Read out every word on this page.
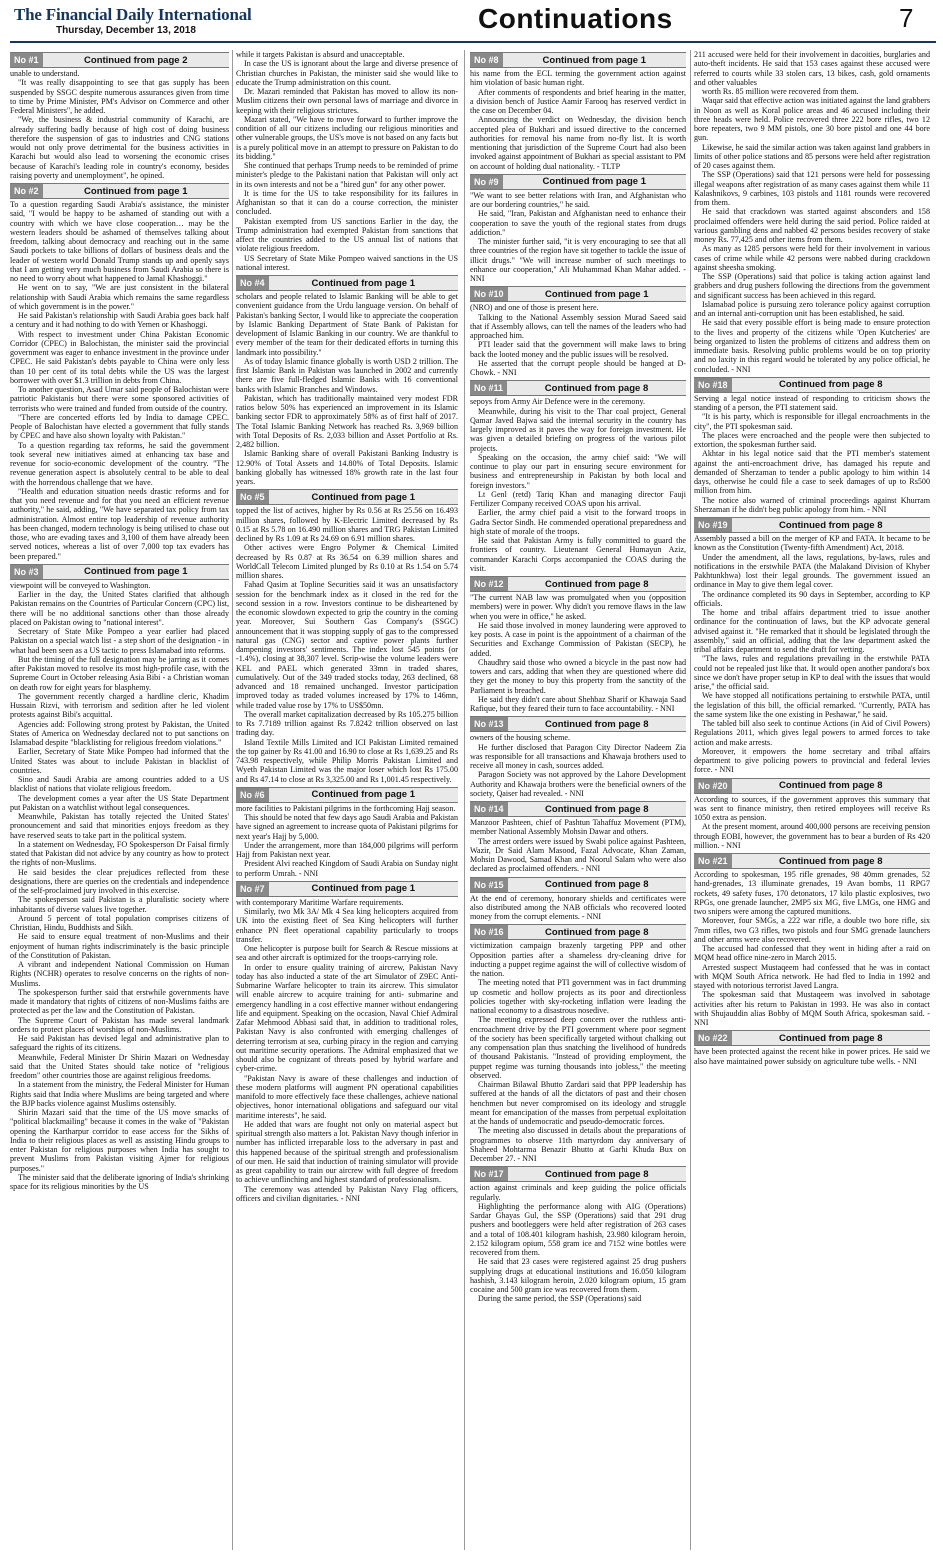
The Financial Daily International
Thursday, December 13, 2018	Continuations	7
No #1	Continued from page 2

unable to understand.

"It was really disappointing to see that gas supply has been suspended by SSGC despite numerous assurances given from time to time by Prime Minister, PM's Advisor on Commerce and other Federal Ministers", he added.

"We, the business & industrial community of Karachi, are already suffering badly because of high cost of doing business therefore the suspension of gas to industries and CNG stations would not only prove detrimental for the business activities in Karachi but would also lead to worsening the economic crises because of Karachi's leading role in country's economy, besides raising poverty and unemployment", he opined.

No #2	Continued from page 1

To a question regarding Saudi Arabia's assistance, the minister said, "I would be happy to be ashamed of standing out with a country with which we have close cooperation… may be the western leaders should be ashamed of themselves talking about freedom, talking about democracy and reaching out in the same Saudi pockets to take billions of dollars of business deals and the leader of western world Donald Trump stands up and openly says that I am getting very much business from Saudi Arabia so there is no need to worry about what happened to Jamal Khashoggi."

He went on to say, "We are just consistent in the bilateral relationship with Saudi Arabia which remains the same regardless of which government is in the power."

He said Pakistan's relationship with Saudi Arabia goes back half a century and it had nothing to do with Yemen or Khashoggi.

With respect to investment under China Pakistan Economic Corridor (CPEC) in Balochistan, the minister said the provincial government was eager to enhance investment in the province under CPEC. He said Pakistan's debts payable to China were only less than 10 per cent of its total debts while the US was the largest borrower with over $1.3 trillion in debts from China.

To another question, Asad Umar said people of Balochistan were patriotic Pakistanis but there were some sponsored activities of terrorists who were trained and funded from outside of the country.

"There are concerted efforts led by India to damage CPEC. People of Balochistan have elected a government that fully stands by CPEC and have also shown loyalty with Pakistan."

To a question regarding tax reforms, he said the government took several new initiatives aimed at enhancing tax base and revenue for socio-economic development of the country. "The revenue generation aspect is absolutely central to be able to deal with the horrendous challenge that we have.

"Health and education situation needs drastic reforms and for that you need revenue and for that you need an efficient revenue authority," he said, adding, "We have separated tax policy from tax administration. Almost entire top leadership of revenue authority has been changed, modern technology is being utilised to chase out those, who are evading taxes and 3,100 of them have already been served notices, whereas a list of over 7,000 top tax evaders has been prepared."

No #3	Continued from page 1

viewpoint will be conveyed to Washington.

Earlier in the day, the United States clarified that although Pakistan remains on the Countries of Particular Concern (CPC) list, there will be no additional sanctions other than those already placed on Pakistan owing to "national interest".

Secretary of State Mike Pompeo a year earlier had placed Pakistan on a special watch list - a step short of the designation - in what had been seen as a US tactic to press Islamabad into reforms.

But the timing of the full designation may be jarring as it comes after Pakistan moved to resolve its most high-profile case, with the Supreme Court in October releasing Asia Bibi - a Christian woman on death row for eight years for blasphemy.

The government recently charged a hardline cleric, Khadim Hussain Rizvi, with terrorism and sedition after he led violent protests against Bibi's acquittal.

Agencies add: Following strong protest by Pakistan, the United States of America on Wednesday declared not to put sanctions on Islamabad despite "blacklisting for religious freedom violations."

Earlier, Secretary of State Mike Pompeo had informed that the United States was about to include Pakistan in blacklist of countries.

Sino and Saudi Arabia are among countries added to a US blacklist of nations that violate religious freedom.

The development comes a year after the US State Department put Pakistan on a watchlist without legal consequences.

Meanwhile, Pakistan has totally rejected the United States' pronouncement and said that minorities enjoys freedom as they have reserved seats to take part in the political system.

In a statement on Wednesday, FO Spokesperson Dr Faisal firmly stated that Pakistan did not advice by any country as how to protect the rights of non-Muslims.

He said besides the clear prejudices reflected from these designations, there are queries on the credentials and independence of the self-proclaimed jury involved in this exercise.

The spokesperson said Pakistan is a pluralistic society where inhabitants of diverse values live together.

Around 5 percent of total population comprises citizens of Christian, Hindu, Buddhists and Sikh.

He said to ensure equal treatment of non-Muslims and their enjoyment of human rights indiscriminately is the basic principle of the Constitution of Pakistan.

A vibrant and independent National Commission on Human Rights (NCHR) operates to resolve concerns on the rights of non-Muslims.

The spokesperson further said that erstwhile governments have made it mandatory that rights of citizens of non-Muslims faiths are protected as per the law and the Constitution of Pakistan.

The Supreme Court of Pakistan has made several landmark orders to protect places of worships of non-Muslims.

He said Pakistan has devised legal and administrative plan to safeguard the rights of its citizens.

Meanwhile, Federal Minister Dr Shirin Mazari on Wednesday said that the United States should take notice of "religious freedom" other countries those are against religious freedoms.

In a statement from the ministry, the Federal Minister for Human Rights said that India where Muslims are being targeted and where the BJP backs violence against Muslims ostensibly.

Shirin Mazari said that the time of the US move smacks of "political blackmailing" because it comes in the wake of "Pakistan opening the Kartharpur corridor to ease access for the Sikhs of India to their religious places as well as assisting Hindu groups to enter Pakistan for religious purposes when India has sought to prevent Muslims from Pakistan visiting Ajmer for religious purposes."

The minister said that the deliberate ignoring of India's shrinking space for its religious minorities by the US

while it targets Pakistan is absurd and unacceptable.

In case the US is ignorant about the large and diverse presence of Christian churches in Pakistan, the minister said she would like to educate the Trump administration on this count.

Dr. Mazari reminded that Pakistan has moved to allow its non-Muslim citizens their own personal laws of marriage and divorce in keeping with their religious strictures.

Mazari stated, "We have to move forward to further improve the condition of all our citizens including our religious minorities and other vulnerable groups, the US's move is not based on any facts but is a purely political move in an attempt to pressure on Pakistan to do its bidding."

She continued that perhaps Trump needs to be reminded of prime minister's pledge to the Pakistani nation that Pakistan will only act in its own interests and not be a "hired gun" for any other power.

It is time for the US to take responsibility for its failures in Afghanistan so that it can do a course correction, the minister concluded.

Pakistan exempted from US sanctions Earlier in the day, the Trump administration had exempted Pakistan from sanctions that affect the countries added to the US annual list of nations that violate religious freedom.

US Secretary of State Mike Pompeo waived sanctions in the US national interest.

No #4	Continued from page 1

scholars and people related to Islamic Banking will be able to get convenient guidance from the Urdu language version. On behalf of Pakistan's banking Sector, I would like to appreciate the cooperation by Islamic Banking Department of State Bank of Pakistan for development of Islamic Banking in our country. We are thankful to every member of the team for their dedicated efforts in turning this landmark into possibility."

As of today Islamic finance globally is worth USD 2 trillion. The first Islamic Bank in Pakistan was launched in 2002 and currently there are five full-fledged Islamic Banks with 16 conventional banks with Islamic Branches and Windows.

Pakistan, which has traditionally maintained very modest FDR ratios below 50% has experienced an improvement in its Islamic banking sector FDR to approximately 58% as of first half of 2017. The Total Islamic Banking Network has reached Rs. 3,969 billion with Total Deposits of Rs. 2,033 billion and Asset Portfolio at Rs. 2,482 billion.

Islamic Banking share of overall Pakistani Banking Industry is 12.90% of Total Assets and 14.80% of Total Deposits. Islamic banking globally has witnessed 18% growth rate in the last four years.

No #5	Continued from page 1

topped the list of actives, higher by Rs 0.56 at Rs 25.56 on 16.493 million shares, followed by K-Electric Limited decreased by Rs 0.15 at Rs 5.78 on 16.490 million shares and TRG Pakistan Limited declined by Rs 1.09 at Rs 24.69 on 6.91 million shares.

Other actives were Engro Polymer & Chemical Limited decreased by Rs 0.87 at Rs 36.54 on 6.39 million shares and WorldCall Telecom Limited plunged by Rs 0.10 at Rs 1.54 on 5.74 million shares.

Fahad Qasim at Topline Securities said it was an unsatisfactory session for the benchmark index as it closed in the red for the second session in a row. Investors continue to be disheartened by the economic slowdown expected to grip the country in the coming year. Moreover, Sui Southern Gas Company's (SSGC) announcement that it was stopping supply of gas to the compressed natural gas (CNG) sector and captive power plants further dampening investors' sentiments. The index lost 545 points (or -1.4%), closing at 38,307 level. Scrip-wise the volume leaders were KEL and PAEL which generated 33mn in traded shares, cumulatively. Out of the 349 traded stocks today, 263 declined, 68 advanced and 18 remained unchanged. Investor participation improved today as traded volumes increased by 17% to 146mn, while traded value rose by 17% to US$50mn.

The overall market capitalization decreased by Rs 105.275 billion to Rs 7.7189 trillion against Rs 7.8242 trillion observed on last trading day.

Island Textile Mills Limited and ICI Pakistan Limited remained the top gainer by Rs 41.00 and 16.90 to close at Rs 1,639.25 and Rs 743.98 respectively, while Philip Morris Pakistan Limited and Wyeth Pakistan Limited was the major loser which lost Rs 175.00 and Rs 47.14 to close at Rs 3,325.00 and Rs 1,001.45 respectively.

No #6	Continued from page 1

more facilities to Pakistani pilgrims in the forthcoming Hajj season.

This should be noted that few days ago Saudi Arabia and Pakistan have signed an agreement to increase quota of Pakistani pilgrims for next year's Hajj by 5,000.

Under the arrangement, more than 184,000 pilgrims will perform Hajj from Pakistan next year.

President Alvi reached Kingdom of Saudi Arabia on Sunday night to perform Umrah. - NNI

No #7	Continued from page 1

with contemporary Maritime Warfare requirements.

Similarly, two Mk 3A/ Mk 4 Sea king helicopters acquired from UK into the existing fleet of Sea King helicopters will further enhance PN fleet operational capability particularly to troops transfer.

One helicopter is purpose built for Search & Rescue missions at sea and other aircraft is optimized for the troops-carrying role.

In order to ensure quality training of aircrew, Pakistan Navy today has also inducted a state of the art Simulator of Z9EC Anti-Submarine Warfare helicopter to train its aircrew. This simulator will enable aircrew to acquire training for anti- submarine and emergency handling in a cost effective manner without endangering life and equipment. Speaking on the occasion, Naval Chief Admiral Zafar Mehmood Abbasi said that, in addition to traditional roles, Pakistan Navy is also confronted with emerging challenges of deterring terrorism at sea, curbing piracy in the region and carrying out maritime security operations. The Admiral emphasized that we should also be cognizant of threats posed by hybrid warfare and cyber-crime.

"Pakistan Navy is aware of these challenges and induction of these modern platforms will augment PN operational capabilities manifold to more effectively face these challenges, achieve national objectives, honor international obligations and safeguard our vital maritime interests", he said.

He added that wars are fought not only on material aspect but spiritual strength also matters a lot. Pakistan Navy though inferior in number has inflicted irreparable loss to the adversary in past and this happened because of the spiritual strength and professionalism of our men. He said that induction of training simulator will provide as great capability to train our aircrew with full degree of freedom to achieve unflinching and highest standard of professionalism.

The ceremony was attended by Pakistan Navy Flag officers, officers and civilian dignitaries. - NNI

No #8	Continued from page 1

his name from the ECL terming the government action against him violation of basic human right.

After comments of respondents and brief hearing in the matter, a division bench of Justice Aamir Farooq has reserved verdict in the case on December 04.

Announcing the verdict on Wednesday, the division bench accepted plea of Bukhari and issued directive to the concerned authorities for removal his name from no-fly list. It is worth mentioning that jurisdiction of the Supreme Court had also been invoked against appointment of Bukhari as special assistant to PM on account of holding dual nationality. - TLTP

No #9	Continued from page 1

"We want to see better relations with Iran, and Afghanistan who are our bordering countries," he said.

He said, "Iran, Pakistan and Afghanistan need to enhance their cooperation to save the youth of the regional states from drugs addiction."

The minister further said, "it is very encouraging to see that all three countries of the region have sit together to tackle the issue of illicit drugs." "We will increase number of such meetings to enhance our cooperation," Ali Muhammad Khan Mahar added. - NNI

No #10	Continued from page 1

(NRO) and one of those is present here.

Talking to the National Assembly session Murad Saeed said that if Assembly allows, can tell the names of the leaders who had approached him.

PTI leader said that the government will make laws to bring back the looted money and the public issues will be resolved.

He asserted that the corrupt people should be hanged at D-Chowk. - NNI

No #11	Continued from page 8

sepoys from Army Air Defence were in the ceremony.

Meanwhile, during his visit to the Thar coal project, General Qamar Javed Bajwa said the internal security in the country has largely improved as it paves the way for foreign investment. He was given a detailed briefing on progress of the various pilot projects.

Speaking on the occasion, the army chief said: "We will continue to play our part in ensuring secure environment for business and entrepreneurship in Pakistan by both local and foreign investors."

Lt Genl (retd) Tariq Khan and managing director Fauji Fertilizer Company received COAS upon his arrival.

Earlier, the army chief paid a visit to the forward troops in Gadra Sector Sindh. He commended operational preparedness and high state of morale of the troops.

He said that Pakistan Army is fully committed to guard the frontiers of country. Lieutenant General Humayun Aziz, commander Karachi Corps accompanied the COAS during the visit.

No #12	Continued from page 8

"The current NAB law was promulgated when you (opposition members) were in power. Why didn't you remove flaws in the law when you were in office," he asked.

He said those involved in money laundering were approved to key posts. A case in point is the appointment of a chairman of the Securities and Exchange Commission of Pakistan (SECP), he added.

Chaudhry said those who owned a bicycle in the past now had towers and cars, adding that when they are questioned where did they get the money to buy this property from the sanctity of the Parliament is breached.

He said they didn't care about Shehbaz Sharif or Khawaja Saad Rafique, but they feared their turn to face accountability. - NNI

No #13	Continued from page 8

owners of the housing scheme.

He further disclosed that Paragon City Director Nadeem Zia was responsible for all transactions and Khawaja brothers used to receive all money in cash, sources added.

Paragon Society was not approved by the Lahore Development Authority and Khawaja brothers were the beneficial owners of the society, Qaiser had revealed. - NNI

No #14	Continued from page 8

Manzoor Pashteen, chief of Pashtun Tahaffuz Movement (PTM), member National Assembly Mohsin Dawar and others.

The arrest orders were issued by Swabi police against Pashteen, Wazir, Dr Said Alam Masood, Fazal Advocate, Khan Zaman, Mohsin Dawood, Samad Khan and Noorul Salam who were also declared as proclaimed offenders. - NNI

No #15	Continued from page 8

At the end of ceremony, honorary shields and certificates were also distributed among the NAB officials who recovered looted money from the corrupt elements. - NNI

No #16	Continued from page 8

victimization campaign brazenly targeting PPP and other Opposition parties after a shameless dry-cleaning drive for inducting a puppet regime against the will of collective wisdom of the nation.

The meeting noted that PTI government was in fact drumming up cosmetic and hollow projects as its poor and directionless policies together with sky-rocketing inflation were leading the national economy to a disastrous nosedive.

The meeting expressed deep concern over the ruthless anti-encroachment drive by the PTI government where poor segment of the society has been specifically targeted without chalking out any compensation plan thus snatching the livelihood of hundreds of thousand Pakistanis. "Instead of providing employment, the puppet regime was turning thousands into jobless," the meeting observed.

Chairman Bilawal Bhutto Zardari said that PPP leadership has suffered at the hands of all the dictators of past and their chosen henchmen but never compromised on its ideology and struggle meant for emancipation of the masses from perpetual exploitation at the hands of undemocratic and pseudo-democratic forces.

The meeting also discussed in details about the preparations of programmes to observe 11th martyrdom day anniversary of Shaheed Mohtarma Benazir Bhutto at Garhi Khuda Bux on December 27. - NNI

No #17	Continued from page 8

action against criminals and keep guiding the police officials regularly.

Highlighting the performance along with AIG (Operations) Sardar Ghayas Gul, the SSP (Operations) said that 291 drug pushers and bootleggers were held after registration of 263 cases and a total of 108.401 kilogram hashish, 23.980 kilogram heroin, 2.152 kilogram opium, 558 gram ice and 7152 wine bottles were recovered from them.

He said that 23 cases were registered against 25 drug pushers supplying drugs at educational institutions and 16.050 kilogram hashish, 3.143 kilogram heroin, 2.020 kilogram opium, 15 gram cocaine and 500 gram ice was recovered from them.

During the same period, the SSP (Operations) said

211 accused were held for their involvement in dacoities, burglaries and auto-theft incidents. He said that 153 cases against these accused were referred to courts while 33 stolen cars, 13 bikes, cash, gold ornaments and other valuables

worth Rs. 85 million were recovered from them.

Waqar said that effective action was initiated against the land grabbers in Noon as well as Koral police areas and 46 accused including their three heads were held. Police recovered three 222 bore rifles, two 12 bore repeaters, two 9 MM pistols, one 30 bore pistol and one 44 bore gun.

Likewise, he said the similar action was taken against land grabbers in limits of other police stations and 85 persons were held after registration of 20 cases against them.

The SSP (Operations) said that 121 persons were held for possessing illegal weapons after registration of as many cases against them while 11 Kalashnikovs, 9 carbines, 103 pistols and 1181 rounds were recovered from them.

He said that crackdown was started against absconders and 158 proclaimed offenders were held during the said period. Police raided at various gambling dens and nabbed 42 persons besides recovery of stake money Rs. 77,425 and other items from them.

As many as 1285 persons were held for their involvement in various cases of crime while while 42 persons were nabbed during crackdown against sheesha smoking.

The SSP (Operations) said that police is taking action against land grabbers and drug pushers following the directions from the government and significant success has been achieved in this regard.

Islamabad police is pursuing zero tolerance policy against corruption and an internal anti-corruption unit has been established, he said.

He said that every possible effort is being made to ensure protection to the lives and property of the citizens while 'Open Kutcheries' are being organized to listen the problems of citizens and address them on immediate basis. Resolving public problems would be on top priority and no laxity in this regard would be tolerated by any police official, he concluded. - NNI

No #18	Continued from page 8

Serving a legal notice instead of responding to criticism shows the standing of a person, the PTI statement said.

"It is his party, which is responsible for illegal encroachments in the city", the PTI spokesman said.

The places were encroached and the people were then subjected to extortion, the spokesman further said.

Akhtar in his legal notice said that the PTI member's statement against the anti-encroachment drive, has damaged his repute and demanded of Sherzaman to tender a public apology to him within 14 days, otherwise he could file a case to seek damages of up to Rs500 million from him.

The notice also warned of criminal proceedings against Khurram Sherzaman if he didn't beg public apology from him. - NNI

No #19	Continued from page 8

Assembly passed a bill on the merger of KP and FATA. It became to be known as the Constitution (Twenty-fifth Amendment) Act, 2018.

Under the amendment, all the laws, regulations, by-laws, rules and notifications in the erstwhile PATA (the Malakand Division of Khyber Pakhtunkhwa) lost their legal grounds. The government issued an ordinance in May to give them legal cover.

The ordinance completed its 90 days in September, according to KP officials.

The home and tribal affairs department tried to issue another ordinance for the continuation of laws, but the KP advocate general advised against it. "He remarked that it should be legislated through the assembly," said an official, adding that the law department asked the tribal affairs department to send the draft for vetting.

"The laws, rules and regulations prevailing in the erstwhile PATA could not be repealed just like that. It would open another pandora's box since we don't have proper setup in KP to deal with the issues that would arise," the official said.

We have stopped all notifications pertaining to erstwhile PATA, until the legislation of this bill, the official remarked. "Currently, PATA has the same system like the one existing in Peshawar," he said.

The tabled bill also seek to continue Actions (in Aid of Civil Powers) Regulations 2011, which gives legal powers to armed forces to take action and make arrests.

Moreover, it empowers the home secretary and tribal affairs department to give policing powers to provincial and federal levies force. - NNI

No #20	Continued from page 8

According to sources, if the government approves this summary that was sent to finance ministry, then retired employees will receive Rs 1050 extra as pension.

At the present moment, around 400,000 persons are receiving pension through EOBI, however, the government has to bear a burden of Rs 420 million. - NNI

No #21	Continued from page 8

According to spokesman, 195 rifle grenades, 98 40mm grenades, 52 hand-grenades, 13 illuminate grenades, 19 Avan bombs, 11 RPG7 rockets, 49 safety fuses, 170 detonators, 17 kilo plastic explosives, two RPGs, one grenade launcher, 2MP5 six MG, five LMGs, one HMG and two snipers were among the captured munitions.

Moreover, four SMGs, a 222 war rifle, a double two bore rifle, six 7mm rifles, two G3 rifles, two pistols and four SMG grenade launchers and other arms were also recovered.

The accused had confessed that they went in hiding after a raid on MQM head office nine-zero in March 2015.

Arrested suspect Mustaqeem had confessed that he was in contact with MQM South Africa network. He had fled to India in 1992 and stayed with notorious terrorist Javed Langra.

The spokesman said that Mustaqeem was involved in sabotage activities after his return to Pakistan in 1993. He was also in contact with Shujauddin alias Bobby of MQM South Africa, spokesman said. - NNI

No #22	Continued from page 8

have been protected against the recent hike in power prices. He said we also have maintained power subsidy on agriculture tube wells. - NNI
